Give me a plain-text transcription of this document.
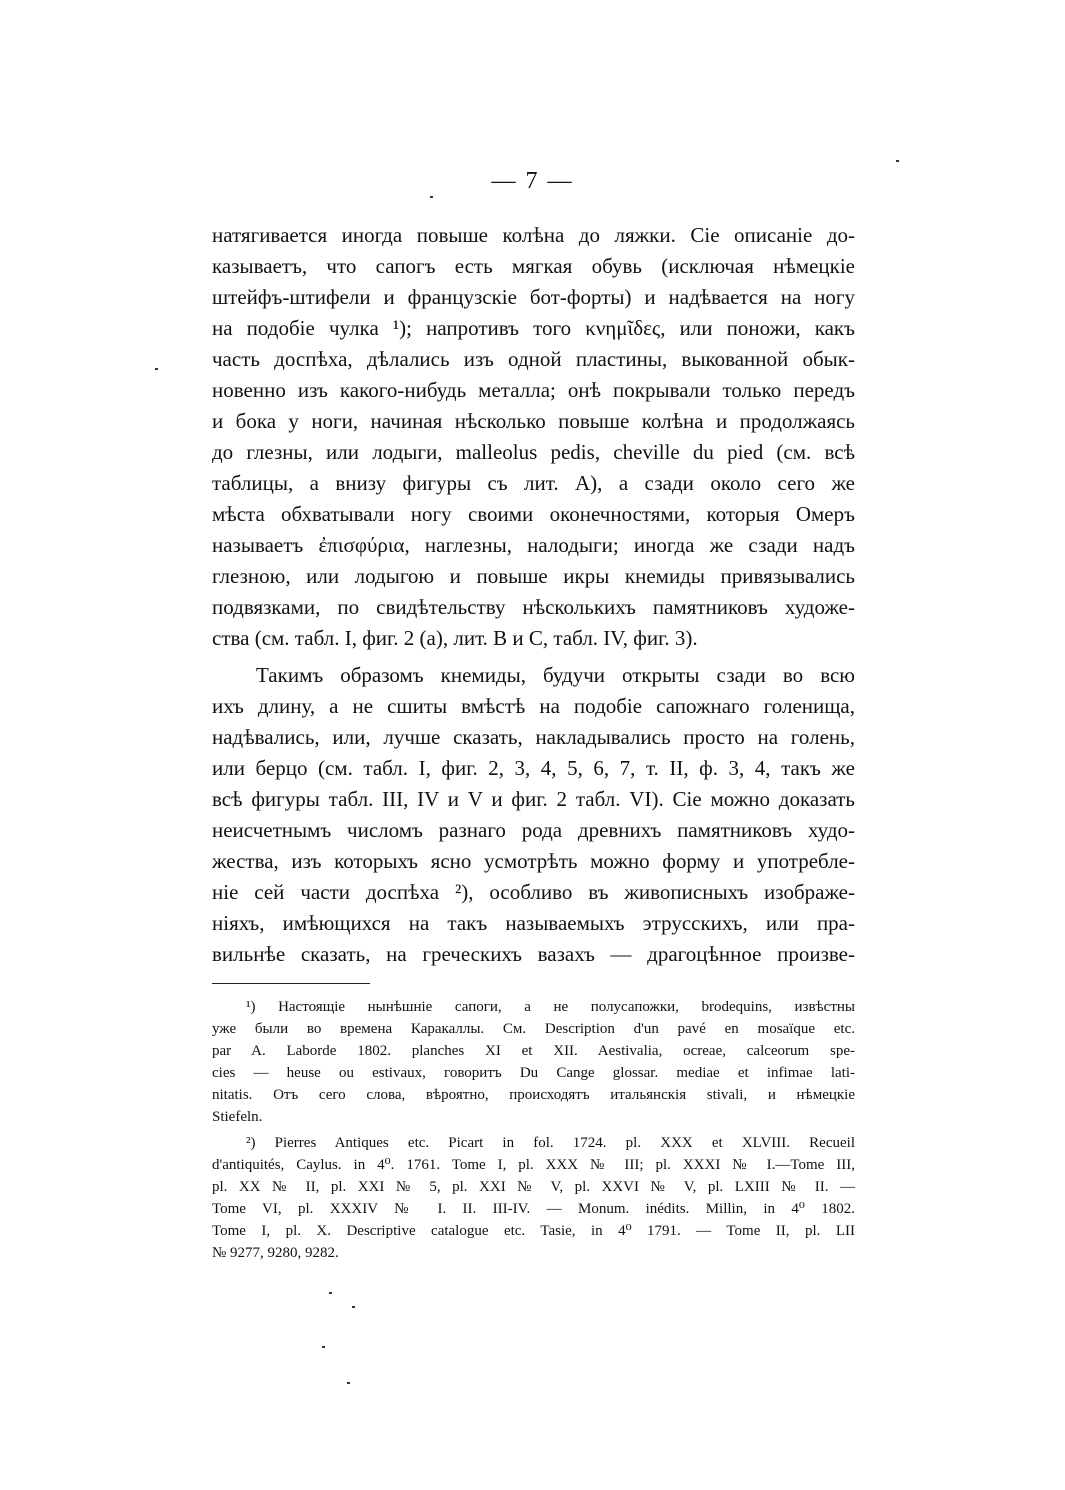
— 7 —
натягивается иногда повыше колѣна до ляжки. Сіе описаніе до-
казываетъ, что сапогъ есть мягкая обувь (исключая нѣмецкіе
штейфъ-штифели и французскіе бот-форты) и надѣвается на ногу
на подобіе чулка ¹); напротивъ того κνημῖδες, или поножи, какъ
часть доспѣха, дѣлались изъ одной пластины, выкованной обык-
новенно изъ какого-нибудь металла; онѣ покрывали только передъ
и бока у ноги, начиная нѣсколько повыше колѣна и продолжаясь
до глезны, или лодыги, malleolus pedis, cheville du pied (см. всѣ
таблицы, а внизу фигуры съ лит. А), а сзади около сего же
мѣста обхватывали ногу своими оконечностями, которыя Омеръ
называетъ ἐπισφύρια, наглезны, налодыги; иногда же сзади надъ
глезною, или лодыгою и повыше икры кнемиды привязывались
подвязками, по свидѣтельству нѣсколькихъ памятниковъ художе-
ства (см. табл. I, фиг. 2 (а), лит. В и С, табл. IV, фиг. 3).
Такимъ образомъ кнемиды, будучи открыты сзади во всю
ихъ длину, а не сшиты вмѣстѣ на подобіе сапожнаго голенища,
надѣвались, или, лучше сказать, накладывались просто на голень,
или берцо (см. табл. I, фиг. 2, 3, 4, 5, 6, 7, т. II, ф. 3, 4, такъ же
всѣ фигуры табл. III, IV и V и фиг. 2 табл. VI). Сіе можно доказать
неисчетнымъ числомъ разнаго рода древнихъ памятниковъ худо-
жества, изъ которыхъ ясно усмотрѣть можно форму и употребле-
ніе сей части доспѣха ²), особливо въ живописныхъ изображе-
ніяхъ, имѣющихся на такъ называемыхъ этрусскихъ, или пра-
вильнѣе сказать, на греческихъ вазахъ — драгоцѣнное произве-
¹) Настоящіе нынѣшніе сапоги, а не полусапожки, brodequins, извѣстны
уже были во времена Каракаллы. См. Description d'un pavé en mosaïque etc.
par A. Laborde 1802. planches XI et XII. Aestivalia, ocreae, calceorum spe-
cies — heuse ou estivaux, говоритъ Du Cange glossar. mediae et infimae lati-
nitatis. Отъ сего слова, вѣроятно, происходятъ итальянскія stivali, и нѣмецкіе
Stiefeln.
²) Pierres Antiques etc. Picart in fol. 1724. pl. XXX et XLVIII. Recueil
d'antiquités, Caylus. in 4⁰. 1761. Tome I, pl. XXX № III; pl. XXXI № I.—Tome III,
pl. XX № II, pl. XXI № 5, pl. XXI № V, pl. XXVI № V, pl. LXIII № II. —
Tome VI, pl. XXXIV № I. II. III-IV. — Monum. inédits. Millin, in 4⁰ 1802.
Tome I, pl. X. Descriptive catalogue etc. Tasie, in 4⁰ 1791. — Tome II, pl. LII
№ 9277, 9280, 9282.
